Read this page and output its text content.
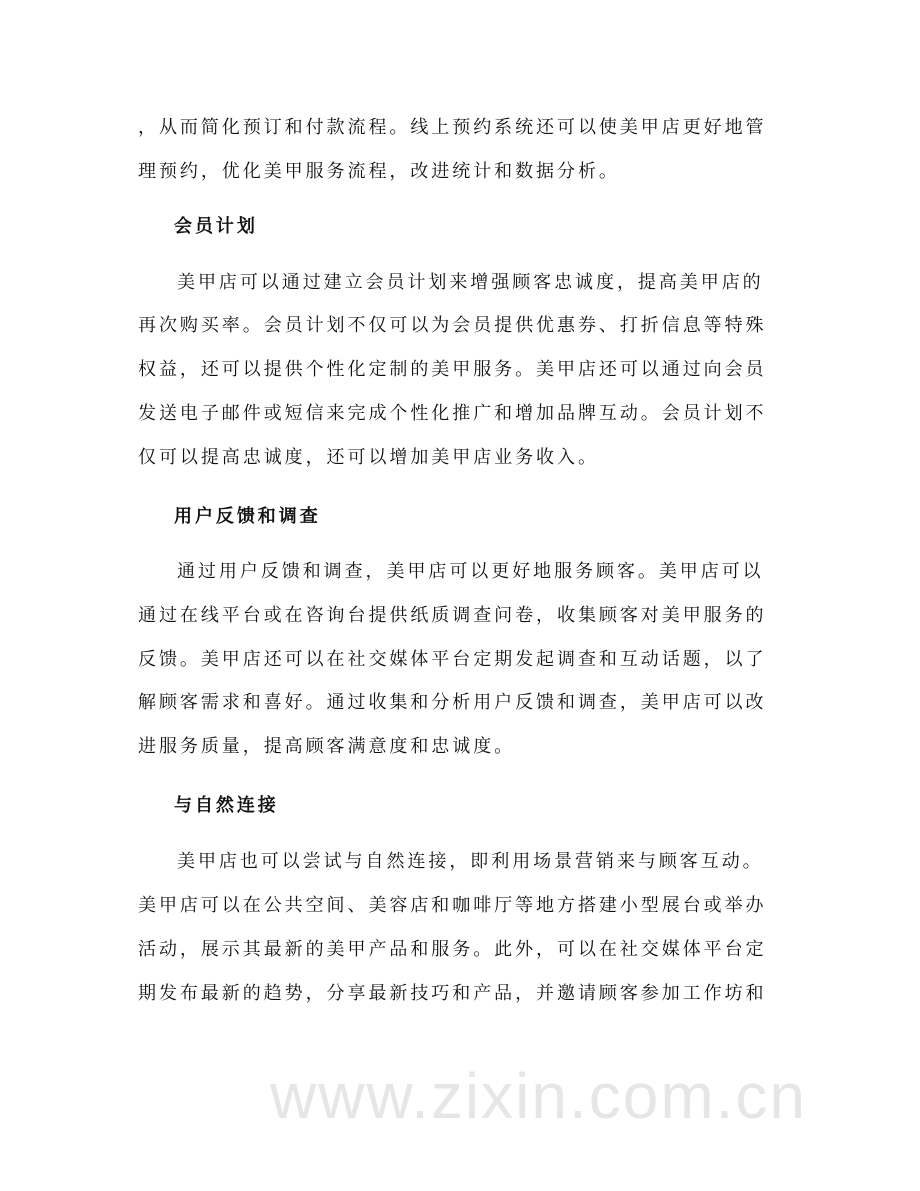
www.zixin.com.cn
，从而简化预订和付款流程。线上预约系统还可以使美甲店更好地管
理预约，优化美甲服务流程，改进统计和数据分析。
会员计划
美甲店可以通过建立会员计划来增强顾客忠诚度，提高美甲店的
再次购买率。会员计划不仅可以为会员提供优惠券、打折信息等特殊
权益，还可以提供个性化定制的美甲服务。美甲店还可以通过向会员
发送电子邮件或短信来完成个性化推广和增加品牌互动。会员计划不
仅可以提高忠诚度，还可以增加美甲店业务收入。
用户反馈和调查
通过用户反馈和调查，美甲店可以更好地服务顾客。美甲店可以
通过在线平台或在咨询台提供纸质调查问卷，收集顾客对美甲服务的
反馈。美甲店还可以在社交媒体平台定期发起调查和互动话题，以了
解顾客需求和喜好。通过收集和分析用户反馈和调查，美甲店可以改
进服务质量，提高顾客满意度和忠诚度。
与自然连接
美甲店也可以尝试与自然连接，即利用场景营销来与顾客互动。
美甲店可以在公共空间、美容店和咖啡厅等地方搭建小型展台或举办
活动，展示其最新的美甲产品和服务。此外，可以在社交媒体平台定
期发布最新的趋势，分享最新技巧和产品，并邀请顾客参加工作坊和
